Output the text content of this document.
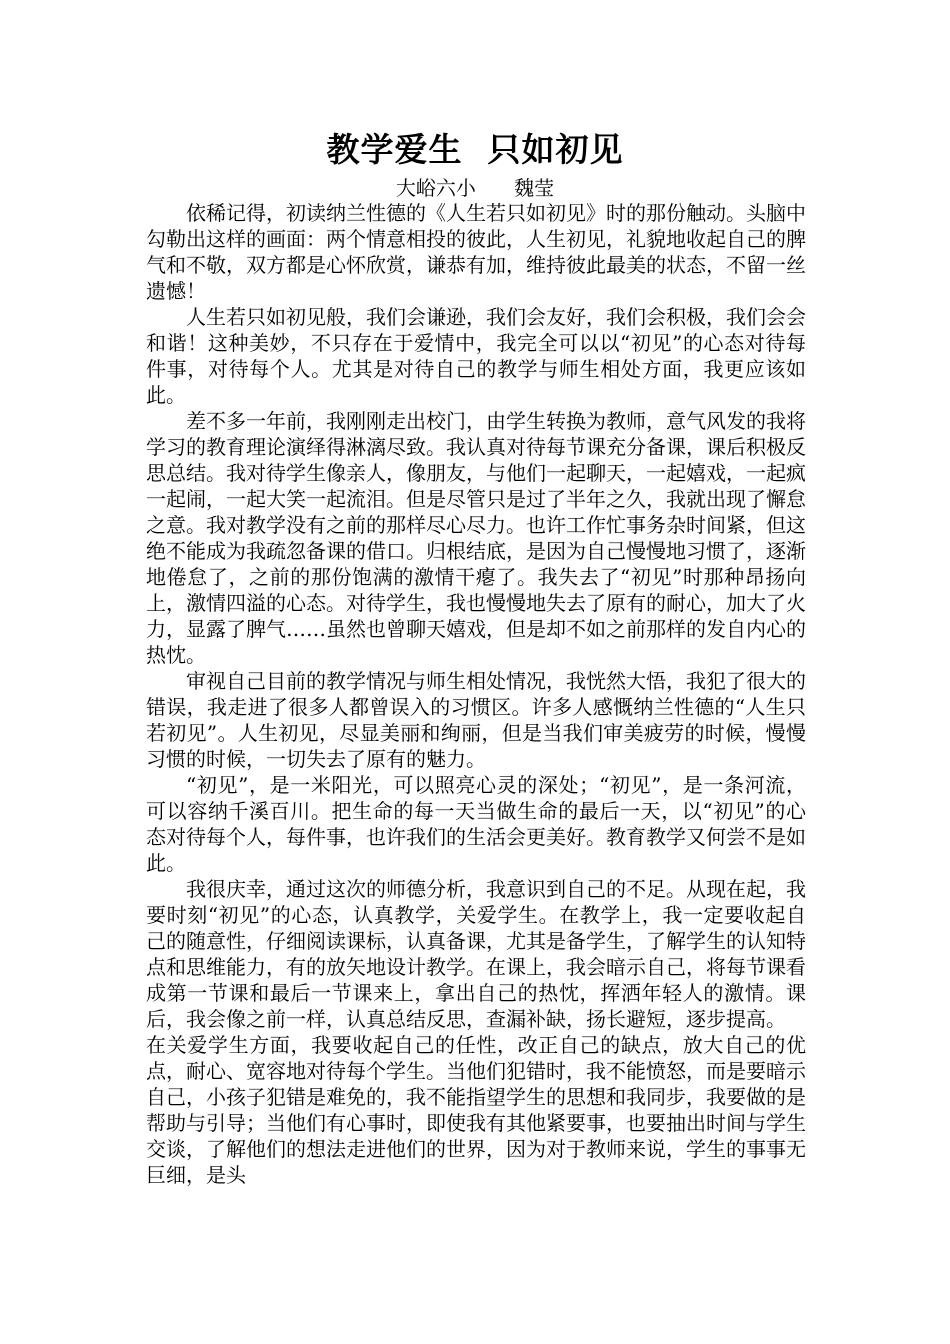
教学爱生  只如初见
大峪六小      魏莹

依稀记得，初读纳兰性德的《人生若只如初见》时的那份触动。头脑中勾勒出这样的画面：两个情意相投的彼此，人生初见，礼貌地收起自己的脾气和不敬，双方都是心怀欣赏，谦恭有加，维持彼此最美的状态，不留一丝遗憾！

人生若只如初见般，我们会谦逊，我们会友好，我们会积极，我们会会和谐！这种美妙，不只存在于爱情中，我完全可以以“初见”的心态对待每件事，对待每个人。尤其是对待自己的教学与师生相处方面，我更应该如此。

差不多一年前，我刚刚走出校门，由学生转换为教师，意气风发的我将学习的教育理论演绎得淋漓尽致。我认真对待每节课充分备课，课后积极反思总结。我对待学生像亲人，像朋友，与他们一起聊天，一起嬉戏，一起疯一起闹，一起大笑一起流泪。但是尽管只是过了半年之久，我就出现了懈怠之意。我对教学没有之前的那样尽心尽力。也许工作忙事务杂时间紧，但这绝不能成为我疏忽备课的借口。归根结底，是因为自己慢慢地习惯了，逐渐地倦怠了，之前的那份饱满的激情干瘪了。我失去了“初见”时那种昂扬向上，激情四溢的心态。对待学生，我也慢慢地失去了原有的耐心，加大了火力，显露了脾气……虽然也曾聊天嬉戏，但是却不如之前那样的发自内心的热忱。

审视自己目前的教学情况与师生相处情况，我恍然大悟，我犯了很大的错误，我走进了很多人都曾误入的习惯区。许多人感慨纳兰性德的“人生只若初见”。人生初见，尽显美丽和绚丽，但是当我们审美疲劳的时候，慢慢习惯的时候，一切失去了原有的魅力。

“初见”，是一米阳光，可以照亮心灵的深处；“初见”，是一条河流，可以容纳千溪百川。把生命的每一天当做生命的最后一天，以“初见”的心态对待每个人，每件事，也许我们的生活会更美好。教育教学又何尝不是如此。

我很庆幸，通过这次的师德分析，我意识到自己的不足。从现在起，我要时刻“初见”的心态，认真教学，关爱学生。在教学上，我一定要收起自己的随意性，仔细阅读课标，认真备课，尤其是备学生，了解学生的认知特点和思维能力，有的放矢地设计教学。在课上，我会暗示自己，将每节课看成第一节课和最后一节课来上，拿出自己的热忱，挥洒年轻人的激情。课后，我会像之前一样，认真总结反思，查漏补缺，扬长避短，逐步提高。

在关爱学生方面，我要收起自己的任性，改正自己的缺点，放大自己的优点，耐心、宽容地对待每个学生。当他们犯错时，我不能愤怒，而是要暗示自己，小孩子犯错是难免的，我不能指望学生的思想和我同步，我要做的是帮助与引导；当他们有心事时，即使我有其他紧要事，也要抽出时间与学生交谈，了解他们的想法走进他们的世界，因为对于教师来说，学生的事事无巨细，是头
